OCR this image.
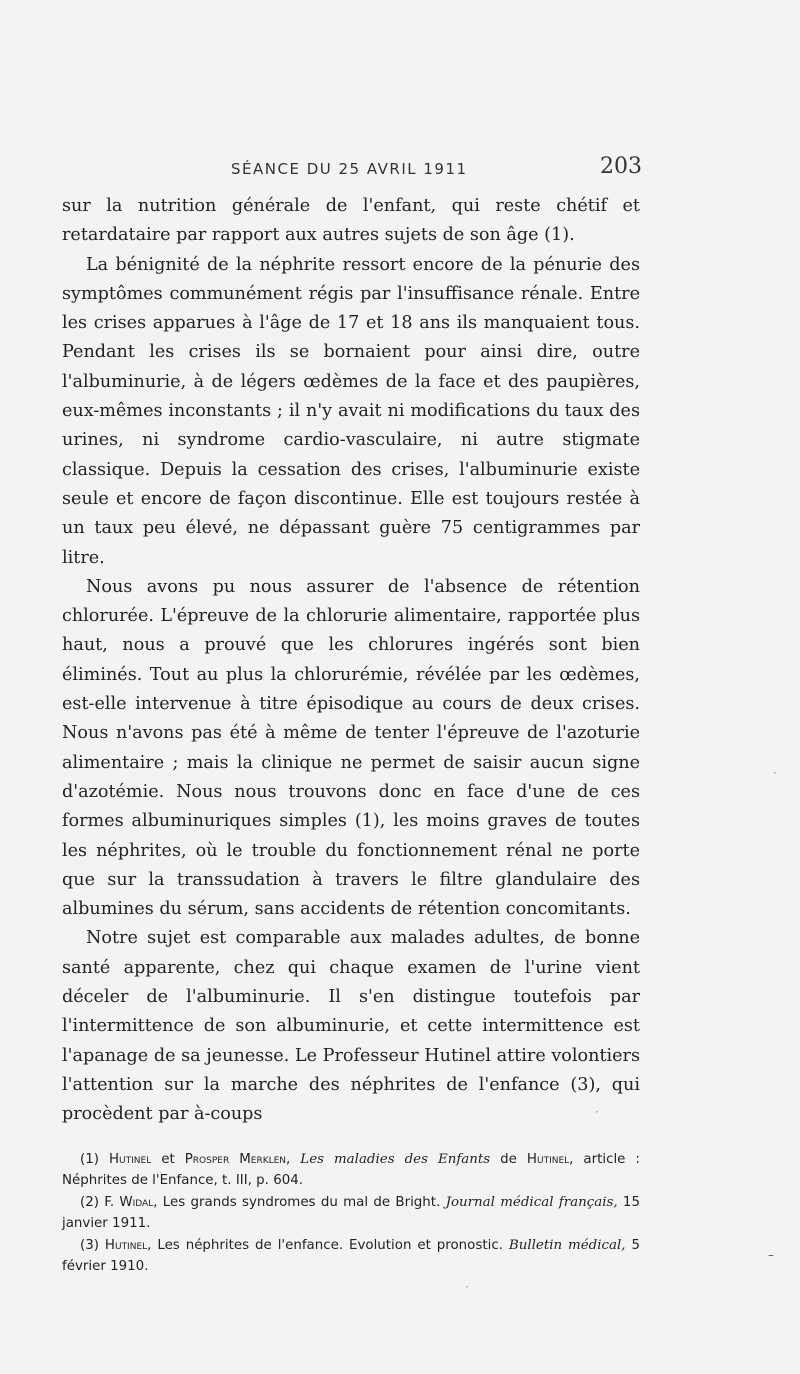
SÉANCE DU 25 AVRIL 1911	203

sur la nutrition générale de l'enfant, qui reste chétif et retardataire par rapport aux autres sujets de son âge (1).

La bénignité de la néphrite ressort encore de la pénurie des symptômes communément régis par l'insuffisance rénale. Entre les crises apparues à l'âge de 17 et 18 ans ils manquaient tous. Pendant les crises ils se bornaient pour ainsi dire, outre l'albuminurie, à de légers œdèmes de la face et des paupières, eux-mêmes inconstants ; il n'y avait ni modifications du taux des urines, ni syndrome cardio-vasculaire, ni autre stigmate classique. Depuis la cessation des crises, l'albuminurie existe seule et encore de façon discontinue. Elle est toujours restée à un taux peu élevé, ne dépassant guère 75 centigrammes par litre.

Nous avons pu nous assurer de l'absence de rétention chlorurée. L'épreuve de la chlorurie alimentaire, rapportée plus haut, nous a prouvé que les chlorures ingérés sont bien éliminés. Tout au plus la chlorurémie, révélée par les œdèmes, est-elle intervenue à titre épisodique au cours de deux crises. Nous n'avons pas été à même de tenter l'épreuve de l'azoturie alimentaire ; mais la clinique ne permet de saisir aucun signe d'azotémie. Nous nous trouvons donc en face d'une de ces formes albuminuriques simples (1), les moins graves de toutes les néphrites, où le trouble du fonctionnement rénal ne porte que sur la transsudation à travers le filtre glandulaire des albumines du sérum, sans accidents de rétention concomitants.

Notre sujet est comparable aux malades adultes, de bonne santé apparente, chez qui chaque examen de l'urine vient déceler de l'albuminurie. Il s'en distingue toutefois par l'intermittence de son albuminurie, et cette intermittence est l'apanage de sa jeunesse. Le Professeur Hutinel attire volontiers l'attention sur la marche des néphrites de l'enfance (3), qui procèdent par à-coups

(1) Hutinel et Prosper Merklen, Les maladies des Enfants de Hutinel, article : Néphrites de l'Enfance, t. III, p. 604.

(2) F. Widal, Les grands syndromes du mal de Bright. Journal médical français, 15 janvier 1911.

(3) Hutinel, Les néphrites de l'enfance. Evolution et pronostic. Bulletin médical, 5 février 1910.

·
–
·
·
